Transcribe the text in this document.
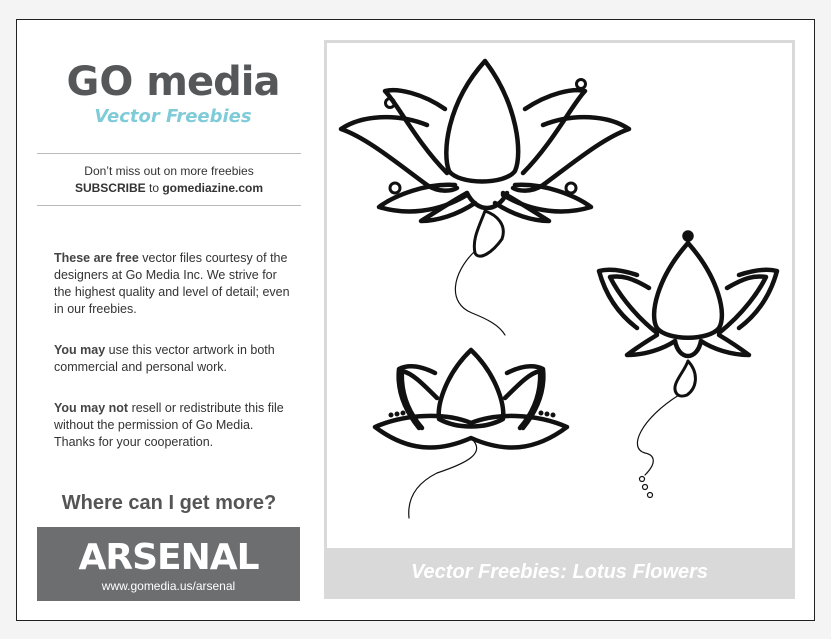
GO media
Vector Freebies
Don’t miss out on more freebies
SUBSCRIBE to gomediazine.com
These are free vector files courtesy of the designers at Go Media Inc. We strive for the highest quality and level of detail; even in our freebies.
You may use this vector artwork in both commercial and personal work.
You may not resell or redistribute this file without the permission of Go Media. Thanks for your cooperation.
Where can I get more?
ARSENAL
www.gomedia.us/arsenal
Vector Freebies: Lotus Flowers
